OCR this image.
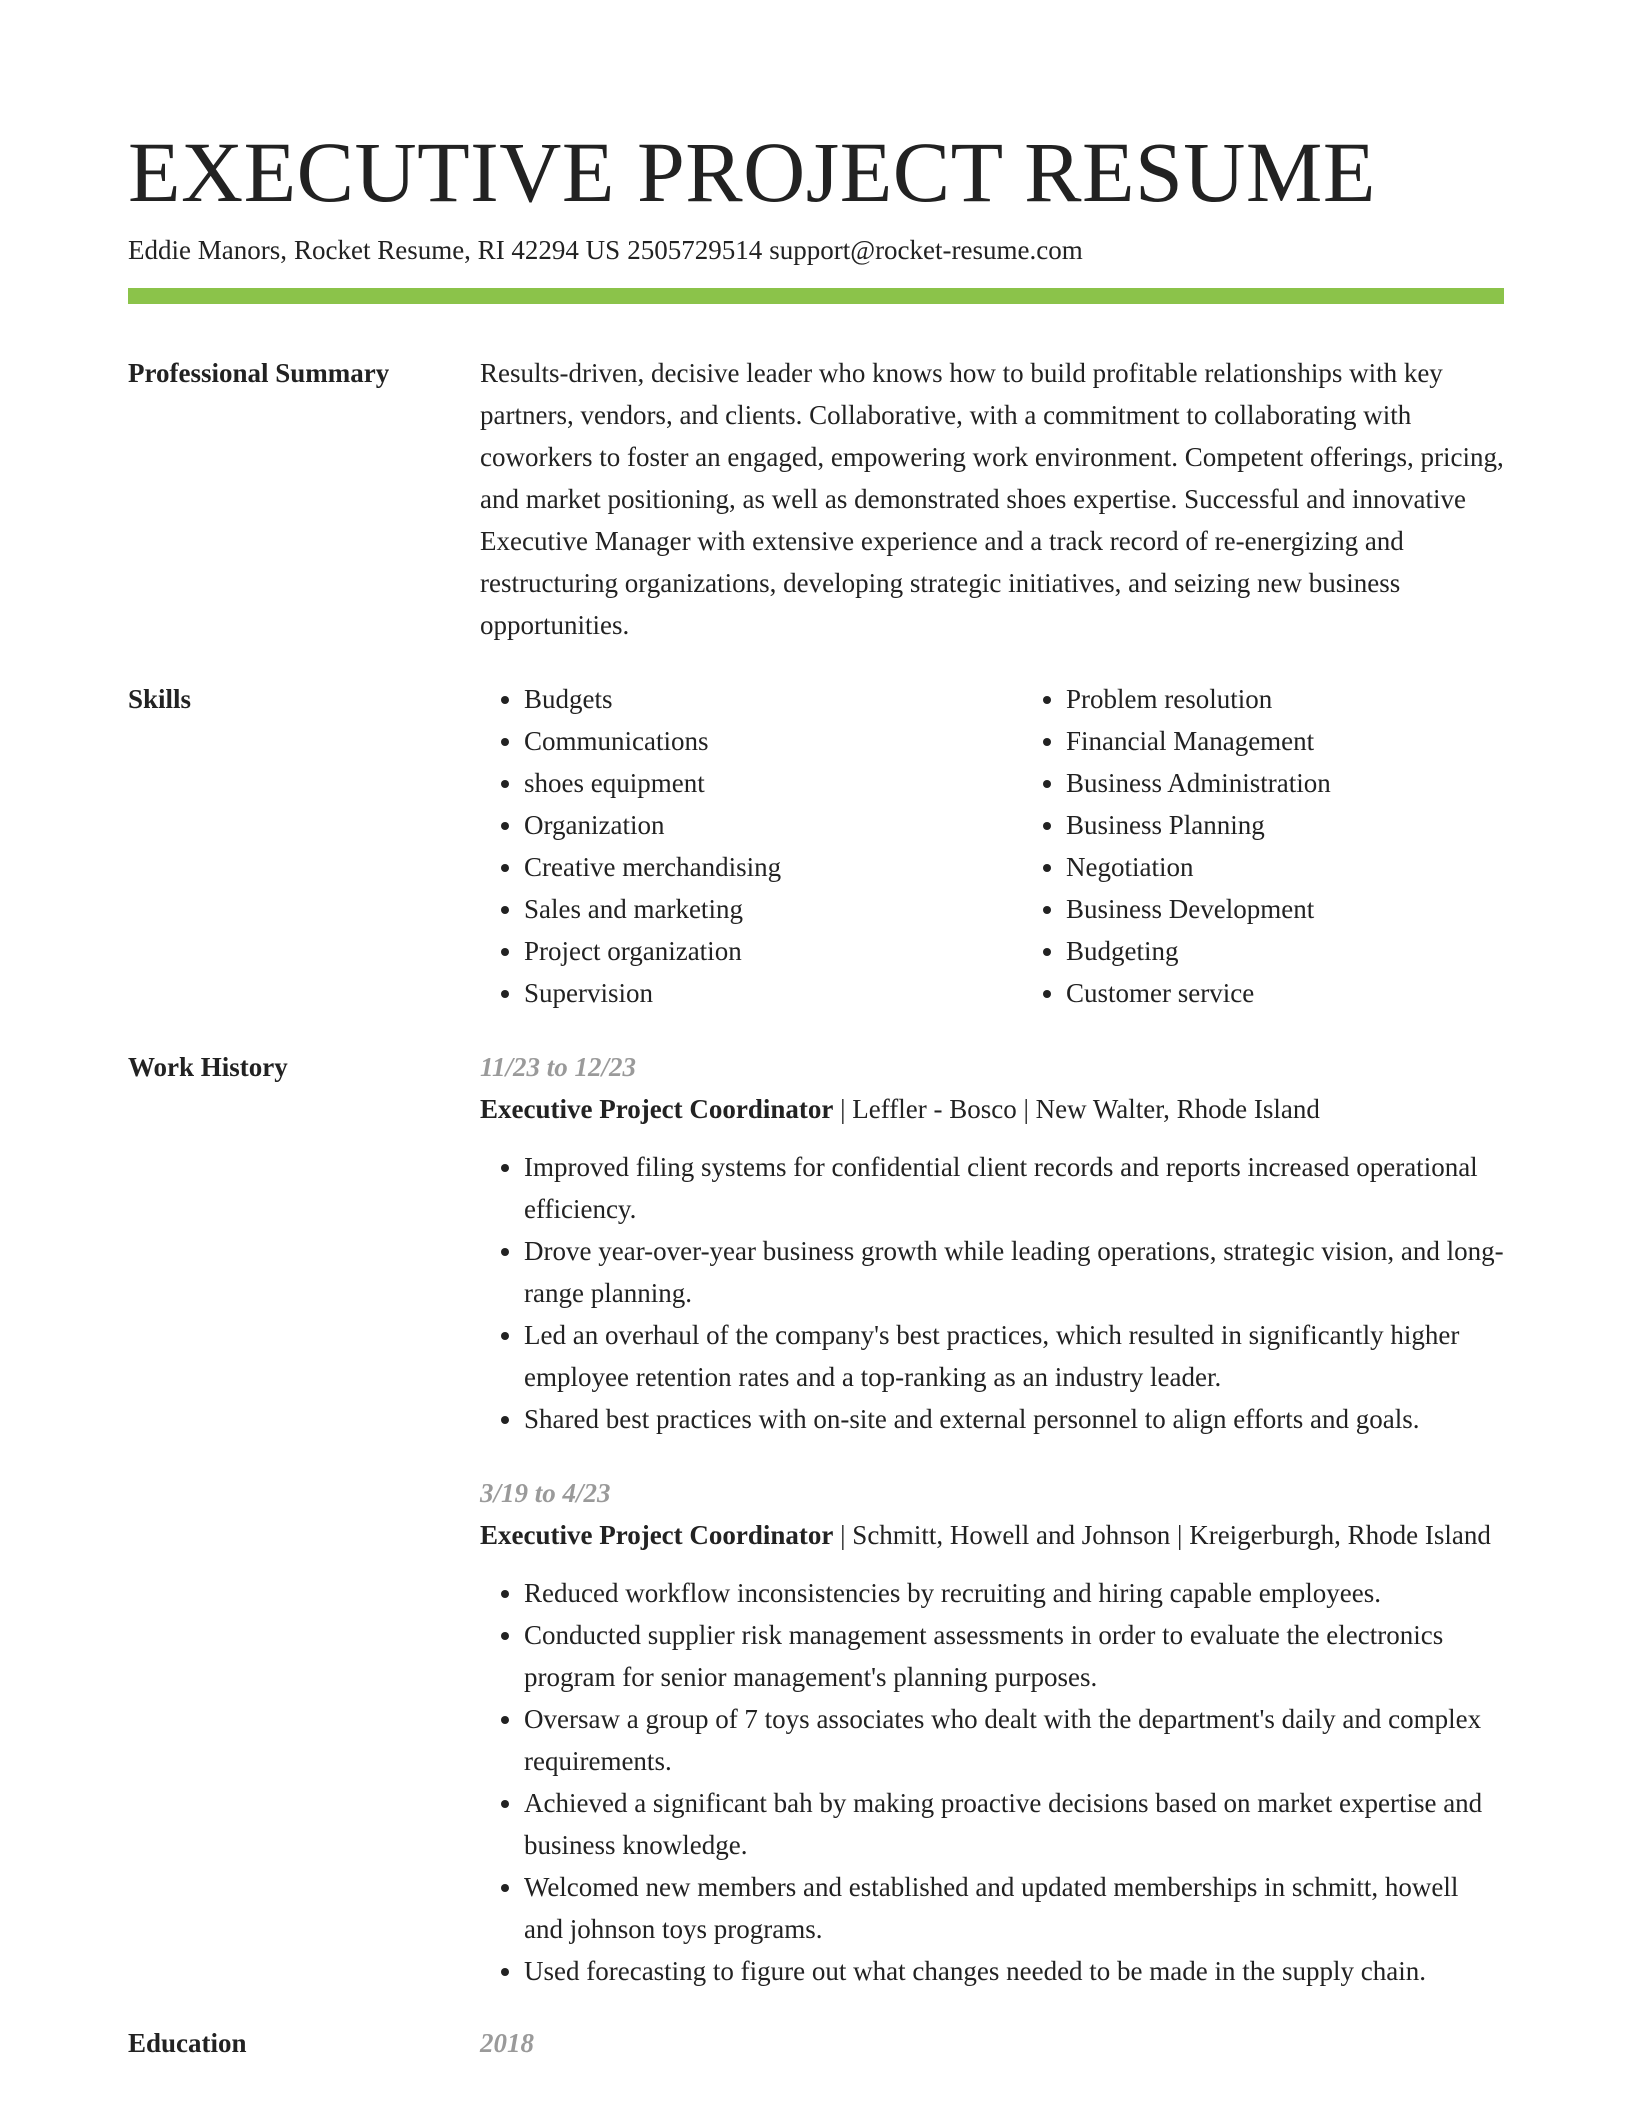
EXECUTIVE PROJECT RESUME
Eddie Manors, Rocket Resume, RI 42294 US 2505729514 support@rocket-resume.com
Professional Summary	Results-driven, decisive leader who knows how to build profitable relationships with key partners, vendors, and clients. Collaborative, with a commitment to collaborating with coworkers to foster an engaged, empowering work environment. Competent offerings, pricing, and market positioning, as well as demonstrated shoes expertise. Successful and innovative Executive Manager with extensive experience and a track record of re-energizing and restructuring organizations, developing strategic initiatives, and seizing new business opportunities.

Skills
•	Budgets
• Communications
• shoes equipment
• Organization
• Creative merchandising
• Sales and marketing
• Project organization
• Supervision
• Problem resolution
• Financial Management
• Business Administration
• Business Planning
• Negotiation
• Business Development
• Budgeting
• Customer service
Work History	11/23 to 12/23
Executive Project Coordinator | Leffler - Bosco | New Walter, Rhode Island
• Improved filing systems for confidential client records and reports increased operational efficiency.
• Drove year-over-year business growth while leading operations, strategic vision, and long-range planning.
• Led an overhaul of the company's best practices, which resulted in significantly higher employee retention rates and a top-ranking as an industry leader.
• Shared best practices with on-site and external personnel to align efforts and goals.
3/19 to 4/23
Executive Project Coordinator | Schmitt, Howell and Johnson | Kreigerburgh, Rhode Island
• Reduced workflow inconsistencies by recruiting and hiring capable employees.
• Conducted supplier risk management assessments in order to evaluate the electronics program for senior management's planning purposes.
• Oversaw a group of 7 toys associates who dealt with the department's daily and complex requirements.
• Achieved a significant bah by making proactive decisions based on market expertise and business knowledge.
• Welcomed new members and established and updated memberships in schmitt, howell and johnson toys programs.
• Used forecasting to figure out what changes needed to be made in the supply chain.
Education	2018
